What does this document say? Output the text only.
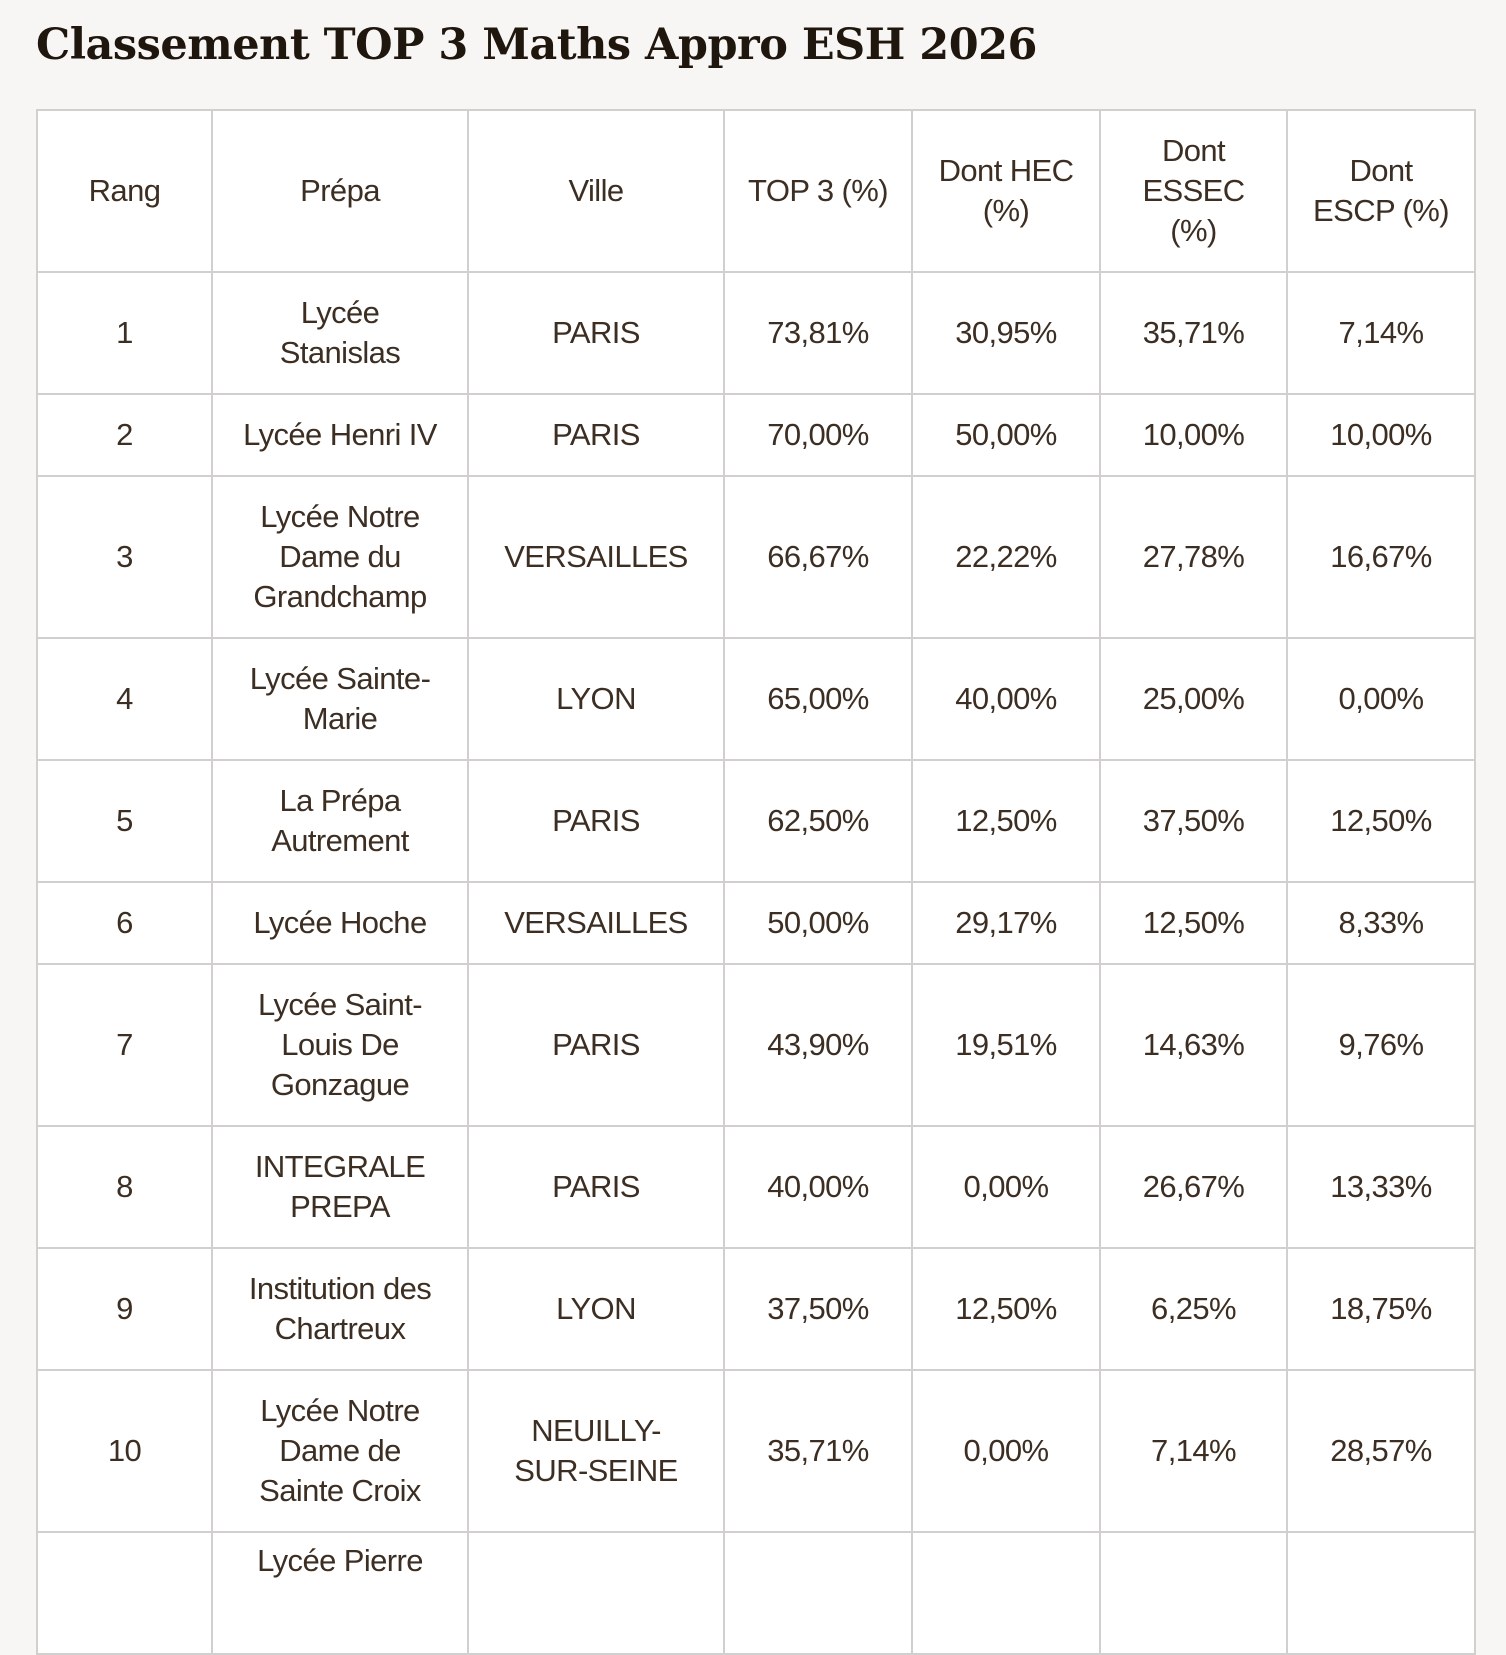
Classement TOP 3 Maths Appro ESH 2026
Rang	Prépa	Ville	TOP 3 (%)	Dont HEC (%)	Dont ESSEC (%)	Dont ESCP (%)
1	Lycée Stanislas	PARIS	73,81%	30,95%	35,71%	7,14%
2	Lycée Henri IV	PARIS	70,00%	50,00%	10,00%	10,00%
3	Lycée Notre Dame du Grandchamp	VERSAILLES	66,67%	22,22%	27,78%	16,67%
4	Lycée Sainte-Marie	LYON	65,00%	40,00%	25,00%	0,00%
5	La Prépa Autrement	PARIS	62,50%	12,50%	37,50%	12,50%
6	Lycée Hoche	VERSAILLES	50,00%	29,17%	12,50%	8,33%
7	Lycée Saint-Louis De Gonzague	PARIS	43,90%	19,51%	14,63%	9,76%
8	INTEGRALE PREPA	PARIS	40,00%	0,00%	26,67%	13,33%
9	Institution des Chartreux	LYON	37,50%	12,50%	6,25%	18,75%
10	Lycée Notre Dame de Sainte Croix	NEUILLY-SUR-SEINE	35,71%	0,00%	7,14%	28,57%
	Lycée Pierre					
